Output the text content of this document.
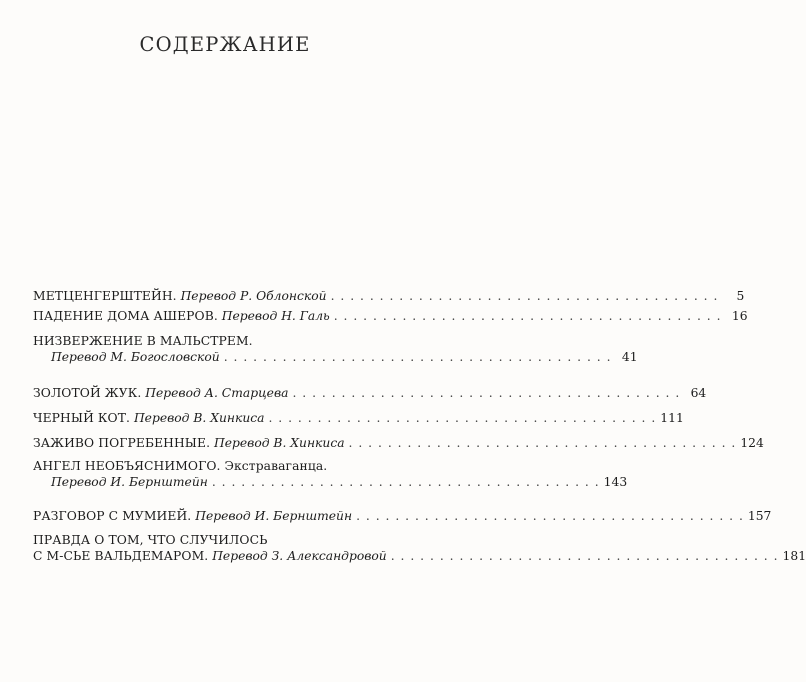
СОДЕРЖАНИЕ
МЕТЦЕНГЕРШТЕЙН.
Перевод Р. Облонской . . . . . . . . . . . . . . . . . . . . . . . . . . . . . . . . . . . . . . . .	5
ПАДЕНИЕ ДОМА АШЕРОВ.
Перевод Н. Галь . . . . . . . . . . . . . . . . . . . . . . . . . . . . . . . . . . . . . . . . 16
НИЗВЕРЖЕНИЕ В МАЛЬСТРЕМ.
Перевод М. Богословской . . . . . . . . . . . . . . . . . . . . . . . . . . . . . . . . . . . . . . . . 41
ЗОЛОТОЙ ЖУК.
Перевод А. Старцева . . . . . . . . . . . . . . . . . . . . . . . . . . . . . . . . . . . . . . . . 64
ЧЕРНЫЙ КОТ.
Перевод В. Хинкиса . . . . . . . . . . . . . . . . . . . . . . . . . . . . . . . . . . . . . . . . 111
ЗАЖИВО ПОГРЕБЕННЫЕ.
Перевод В. Хинкиса . . . . . . . . . . . . . . . . . . . . . . . . . . . . . . . . . . . . . . . . 124
АНГЕЛ НЕОБЪЯСНИМОГО. Экстраваганца.
Перевод И. Бернштейн . . . . . . . . . . . . . . . . . . . . . . . . . . . . . . . . . . . . . . . . 143
РАЗГОВОР С МУМИЕЙ.
Перевод И. Бернштейн . . . . . . . . . . . . . . . . . . . . . . . . . . . . . . . . . . . . . . . . 157
ПРАВДА О ТОМ, ЧТО СЛУЧИЛОСЬ
С М-СЬЕ ВАЛЬДЕМАРОМ.
Перевод З. Александровой . . . . . . . . . . . . . . . . . . . . . . . . . . . . . . . . . . . . . . . . 181
